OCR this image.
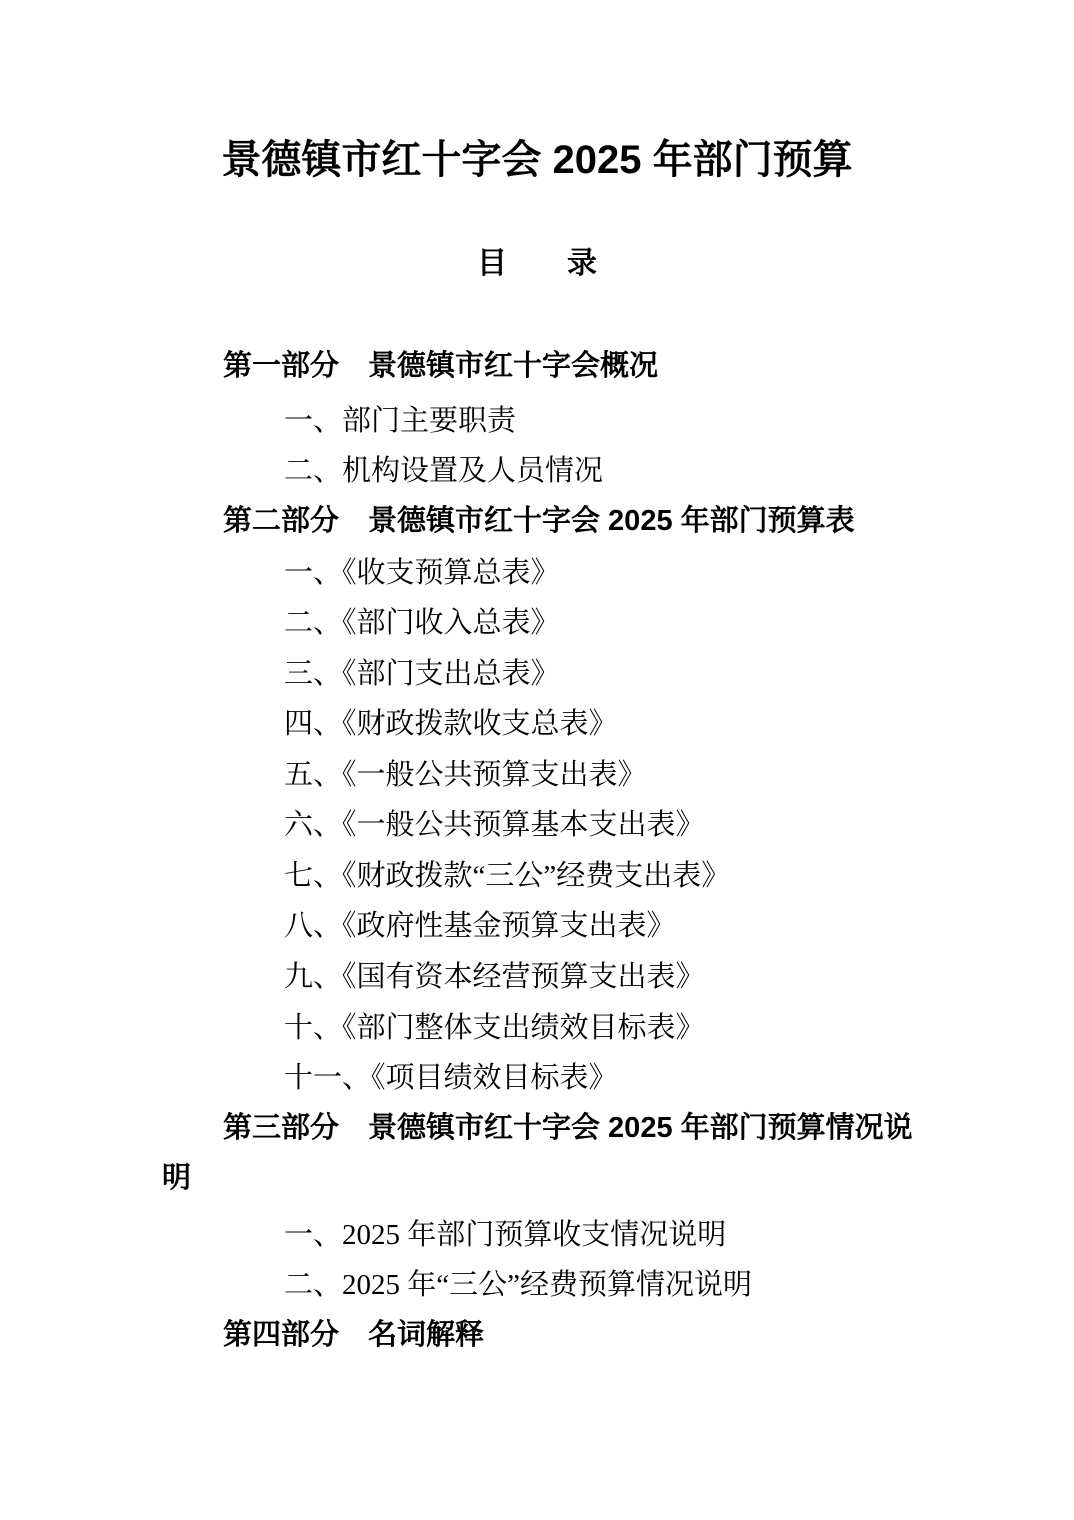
景德镇市红十字会 2025 年部门预算
目　　录
第一部分　景德镇市红十字会概况
一、部门主要职责
二、机构设置及人员情况
第二部分　景德镇市红十字会 2025 年部门预算表
一、《收支预算总表》
二、《部门收入总表》
三、《部门支出总表》
四、《财政拨款收支总表》
五、《一般公共预算支出表》
六、《一般公共预算基本支出表》
七、《财政拨款“三公”经费支出表》
八、《政府性基金预算支出表》
九、《国有资本经营预算支出表》
十、《部门整体支出绩效目标表》
十一、《项目绩效目标表》
第三部分　景德镇市红十字会 2025 年部门预算情况说
明
一、2025 年部门预算收支情况说明
二、2025 年“三公”经费预算情况说明
第四部分　名词解释
